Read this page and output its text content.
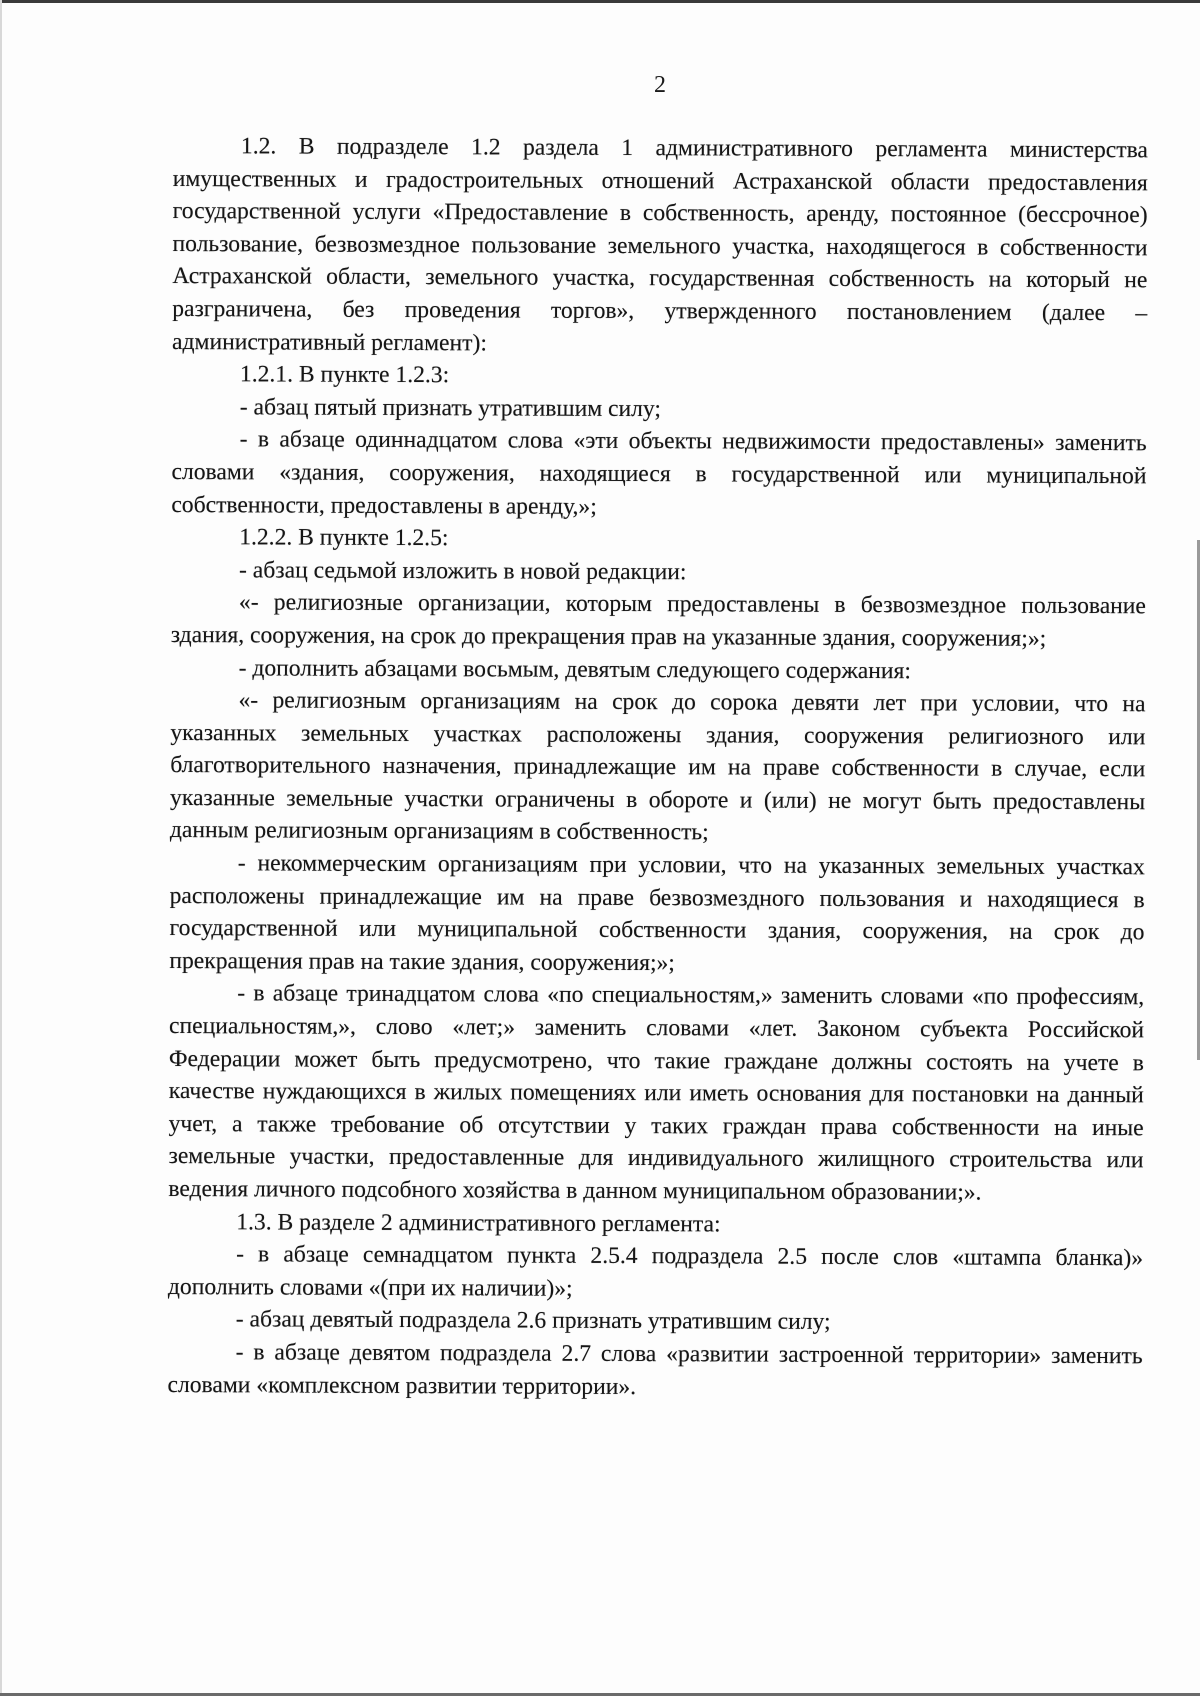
2

1.2. В подразделе 1.2 раздела 1 административного регламента министерства имущественных и градостроительных отношений Астраханской области предоставления государственной услуги «Предоставление в собственность, аренду, постоянное (бессрочное) пользование, безвозмездное пользование земельного участка, находящегося в собственности Астраханской области, земельного участка, государственная собственность на который не разграничена, без проведения торгов», утвержденного постановлением (далее – административный регламент):

1.2.1. В пункте 1.2.3:

- абзац пятый признать утратившим силу;

- в абзаце одиннадцатом слова «эти объекты недвижимости предоставлены» заменить словами «здания, сооружения, находящиеся в государственной или муниципальной собственности, предоставлены в аренду,»;

1.2.2. В пункте 1.2.5:

- абзац седьмой изложить в новой редакции:

«- религиозные организации, которым предоставлены в безвозмездное пользование здания, сооружения, на срок до прекращения прав на указанные здания, сооружения;»;

- дополнить абзацами восьмым, девятым следующего содержания:

«- религиозным организациям на срок до сорока девяти лет при условии, что на указанных земельных участках расположены здания, сооружения религиозного или благотворительного назначения, принадлежащие им на праве собственности в случае, если указанные земельные участки ограничены в обороте и (или) не могут быть предоставлены данным религиозным организациям в собственность;

- некоммерческим организациям при условии, что на указанных земельных участках расположены принадлежащие им на праве безвозмездного пользования и находящиеся в государственной или муниципальной собственности здания, сооружения, на срок до прекращения прав на такие здания, сооружения;»;

- в абзаце тринадцатом слова «по специальностям,» заменить словами «по профессиям, специальностям,», слово «лет;» заменить словами «лет. Законом субъекта Российской Федерации может быть предусмотрено, что такие граждане должны состоять на учете в качестве нуждающихся в жилых помещениях или иметь основания для постановки на данный учет, а также требование об отсутствии у таких граждан права собственности на иные земельные участки, предоставленные для индивидуального жилищного строительства или ведения личного подсобного хозяйства в данном муниципальном образовании;».

1.3. В разделе 2 административного регламента:

- в абзаце семнадцатом пункта 2.5.4 подраздела 2.5 после слов «штампа бланка)» дополнить словами «(при их наличии)»;

- абзац девятый подраздела 2.6 признать утратившим силу;

- в абзаце девятом подраздела 2.7 слова «развитии застроенной территории» заменить словами «комплексном развитии территории».
